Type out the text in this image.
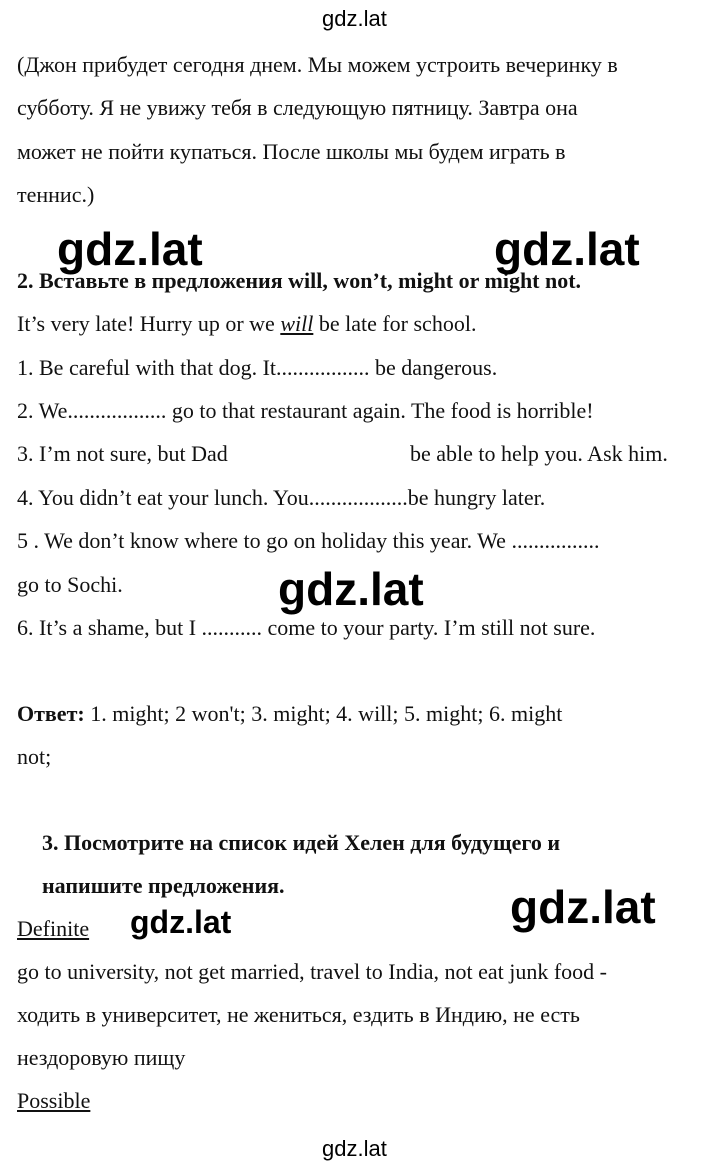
gdz.lat
(Джон прибудет сегодня днем. Мы можем устроить вечеринку в
субботу. Я не увижу тебя в следующую пятницу. Завтра она
может не пойти купаться. После школы мы будем играть в
теннис.)
2. Вставьте в предложения will, won’t, might or might not.
gdz.lat	gdz.lat
It’s very late! Hurry up or we will be late for school.
1. Be careful with that dog. It................. be dangerous.
2. We.................. go to that restaurant again. The food is horrible!
3. I’m not sure, but Dad	be able to help you. Ask him.
4. You didn’t eat your lunch. You..................be hungry later.
5 . We don’t know where to go on holiday this year. We ................
go to Sochi.
6. It’s a shame, but I ........... come to your party. I’m still not sure.
gdz.lat
Ответ: 1. might; 2 won't; 3. might; 4. will; 5. might; 6. might
not;
3. Посмотрите на список идей Хелен для будущего и
напишите предложения.
Definite gdz.lat	gdz.lat
go to university, not get married, travel to India, not eat junk food -
ходить в университет, не жениться, ездить в Индию, не есть
нездоровую пищу
Possible
gdz.lat
